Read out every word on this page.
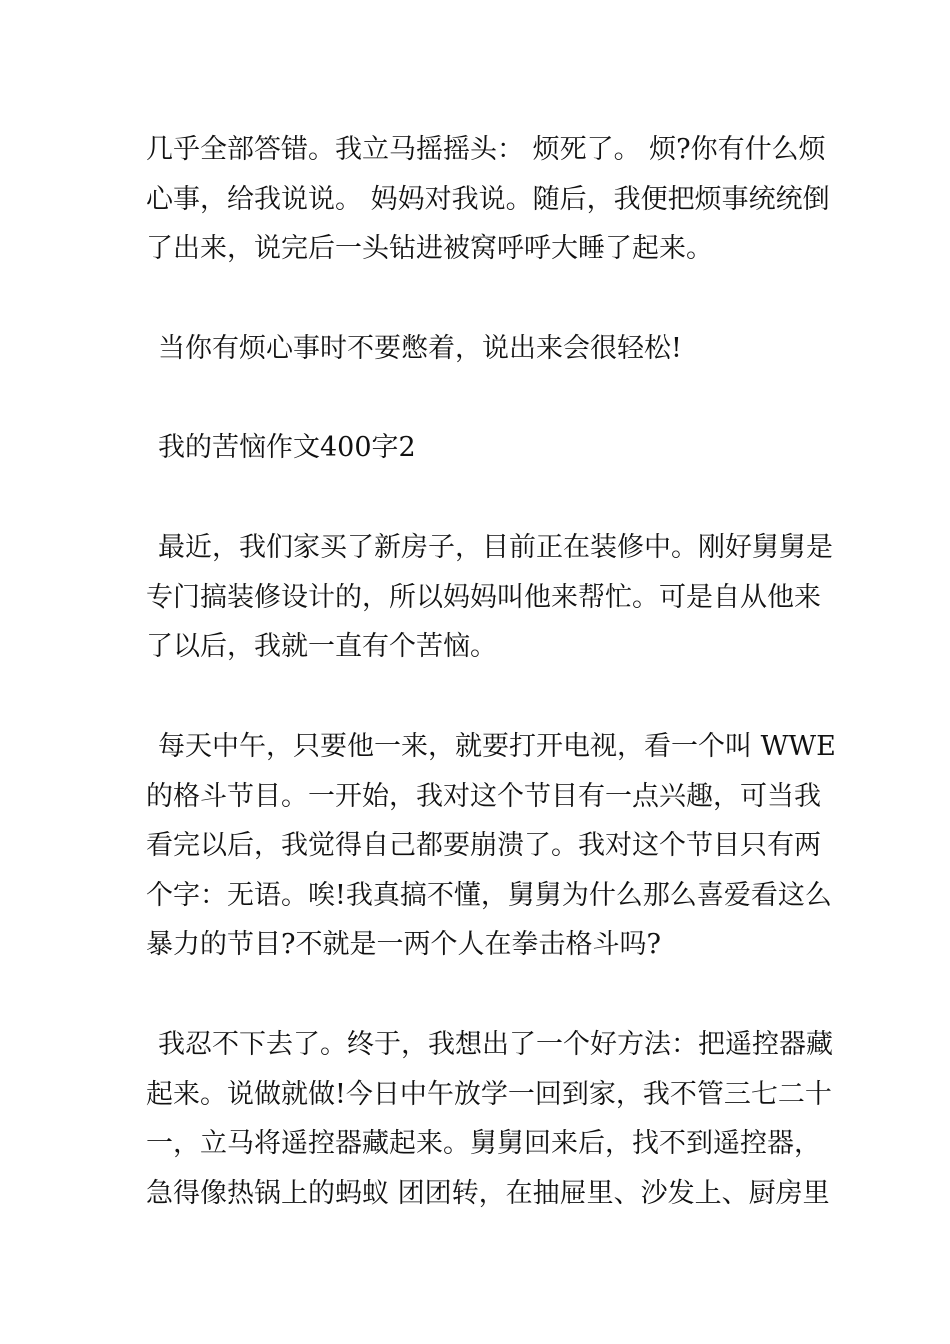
几乎全部答错。我立马摇摇头： 烦死了。 烦?你有什么烦
心事，给我说说。 妈妈对我说。随后，我便把烦事统统倒
了出来，说完后一头钻进被窝呼呼大睡了起来。
当你有烦心事时不要憋着，说出来会很轻松!
我的苦恼作文400字2
最近，我们家买了新房子，目前正在装修中。刚好舅舅是
专门搞装修设计的，所以妈妈叫他来帮忙。可是自从他来
了以后，我就一直有个苦恼。
每天中午，只要他一来，就要打开电视，看一个叫 WWE
的格斗节目。一开始，我对这个节目有一点兴趣，可当我
看完以后，我觉得自己都要崩溃了。我对这个节目只有两
个字：无语。唉!我真搞不懂，舅舅为什么那么喜爱看这么
暴力的节目?不就是一两个人在拳击格斗吗?
我忍不下去了。终于，我想出了一个好方法：把遥控器藏
起来。说做就做!今日中午放学一回到家，我不管三七二十
一，立马将遥控器藏起来。舅舅回来后，找不到遥控器，
急得像热锅上的蚂蚁 团团转，在抽屉里、沙发上、厨房里
